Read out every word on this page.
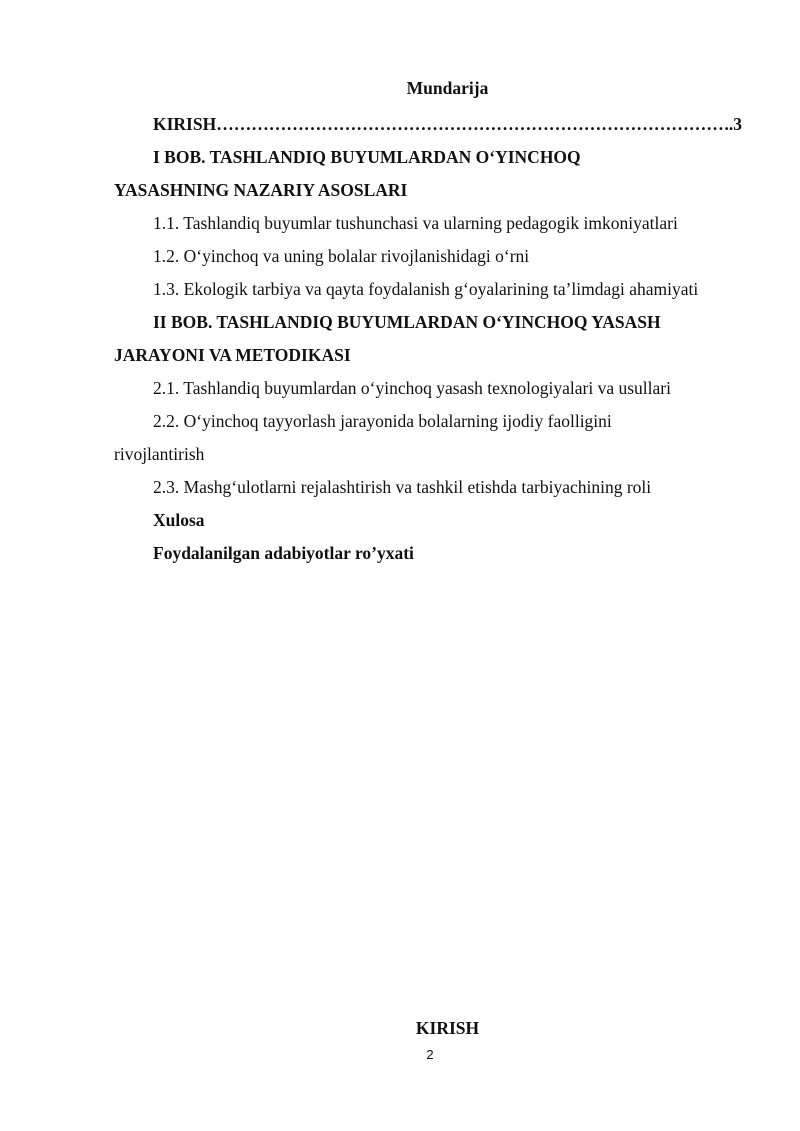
Mundarija
KIRISH
……………………………………………………………………………………………………………………………………	.3
I BOB. TASHLANDIQ BUYUMLARDAN O‘YINCHOQ
YASASHNING NAZARIY ASOSLARI
1.1. Tashlandiq buyumlar tushunchasi va ularning pedagogik imkoniyatlari
1.2. O‘yinchoq va uning bolalar rivojlanishidagi o‘rni
1.3. Ekologik tarbiya va qayta foydalanish g‘oyalarining ta’limdagi ahamiyati
II BOB. TASHLANDIQ BUYUMLARDAN O‘YINCHOQ YASASH
JARAYONI VA METODIKASI
2.1. Tashlandiq buyumlardan o‘yinchoq yasash texnologiyalari va usullari
2.2. O‘yinchoq tayyorlash jarayonida bolalarning ijodiy faolligini
rivojlantirish
2.3. Mashg‘ulotlarni rejalashtirish va tashkil etishda tarbiyachining roli
Xulosa
Foydalanilgan adabiyotlar ro’yxati
KIRISH
2
